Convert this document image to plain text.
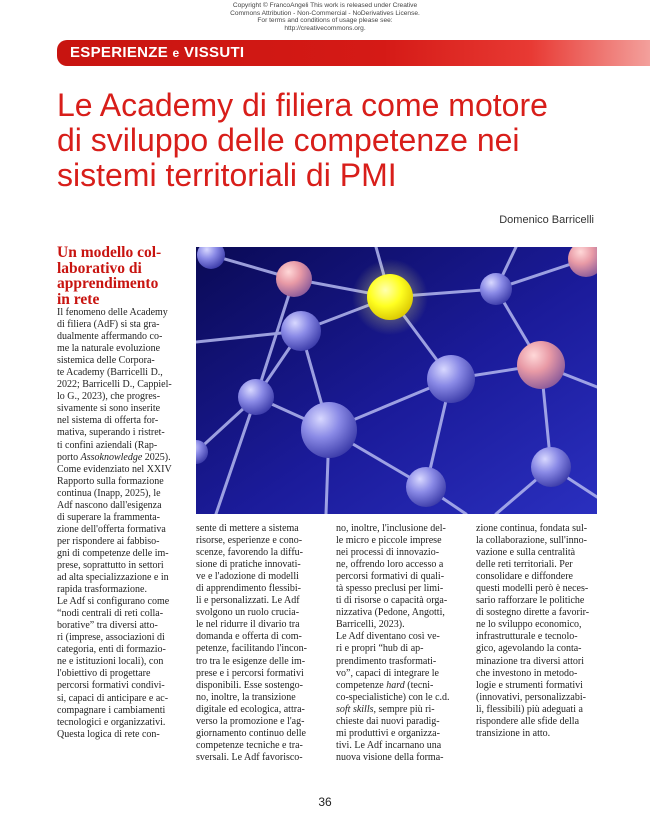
Copyright © FrancoAngeli This work is released under Creative
Commons Attribution - Non-Commercial - NoDerivatives License.
For terms and conditions of usage please see:
http://creativecommons.org.
ESPERIENZE e VISSUTI
Le Academy di filiera come motore
di sviluppo delle competenze nei
sistemi territoriali di PMI
Domenico Barricelli
Un modello col-
laborativo di
apprendimento
in rete
Il fenomeno delle Academy
di filiera (AdF) si sta gra-
dualmente affermando co-
me la naturale evoluzione
sistemica delle Corpora-
te Academy (Barricelli D.,
2022; Barricelli D., Cappiel-
lo G., 2023), che progres-
sivamente si sono inserite
nel sistema di offerta for-
mativa, superando i ristret-
ti confini aziendali (Rap-
porto Assoknowledge 2025).
Come evidenziato nel XXIV
Rapporto sulla formazione
continua (Inapp, 2025), le
Adf nascono dall'esigenza
di superare la frammenta-
zione dell'offerta formativa
per rispondere ai fabbiso-
gni di competenze delle im-
prese, soprattutto in settori
ad alta specializzazione e in
rapida trasformazione.
Le Adf si configurano come
“nodi centrali di reti colla-
borative” tra diversi atto-
ri (imprese, associazioni di
categoria, enti di formazio-
ne e istituzioni locali), con
l'obiettivo di progettare
percorsi formativi condivi-
si, capaci di anticipare e ac-
compagnare i cambiamenti
tecnologici e organizzativi.
Questa logica di rete con-
sente di mettere a sistema
risorse, esperienze e cono-
scenze, favorendo la diffu-
sione di pratiche innovati-
ve e l'adozione di modelli
di apprendimento flessibi-
li e personalizzati. Le Adf
svolgono un ruolo crucia-
le nel ridurre il divario tra
domanda e offerta di com-
petenze, facilitando l'incon-
tro tra le esigenze delle im-
prese e i percorsi formativi
disponibili. Esse sostengo-
no, inoltre, la transizione
digitale ed ecologica, attra-
verso la promozione e l'ag-
giornamento continuo delle
competenze tecniche e tra-
sversali. Le Adf favorisco-
no, inoltre, l'inclusione del-
le micro e piccole imprese
nei processi di innovazio-
ne, offrendo loro accesso a
percorsi formativi di quali-
tà spesso preclusi per limi-
ti di risorse o capacità orga-
nizzativa (Pedone, Angotti,
Barricelli, 2023).
Le Adf diventano così ve-
ri e propri “hub di ap-
prendimento trasformati-
vo”, capaci di integrare le
competenze hard (tecni-
co-specialistiche) con le c.d.
soft skills, sempre più ri-
chieste dai nuovi paradig-
mi produttivi e organizza-
tivi. Le Adf incarnano una
nuova visione della forma-
zione continua, fondata sul-
la collaborazione, sull'inno-
vazione e sulla centralità
delle reti territoriali. Per
consolidare e diffondere
questi modelli però è neces-
sario rafforzare le politiche
di sostegno dirette a favorir-
ne lo sviluppo economico,
infrastrutturale e tecnolo-
gico, agevolando la conta-
minazione tra diversi attori
che investono in metodo-
logie e strumenti formativi
(innovativi, personalizzabi-
li, flessibili) più adeguati a
rispondere alle sfide della
transizione in atto.
36
